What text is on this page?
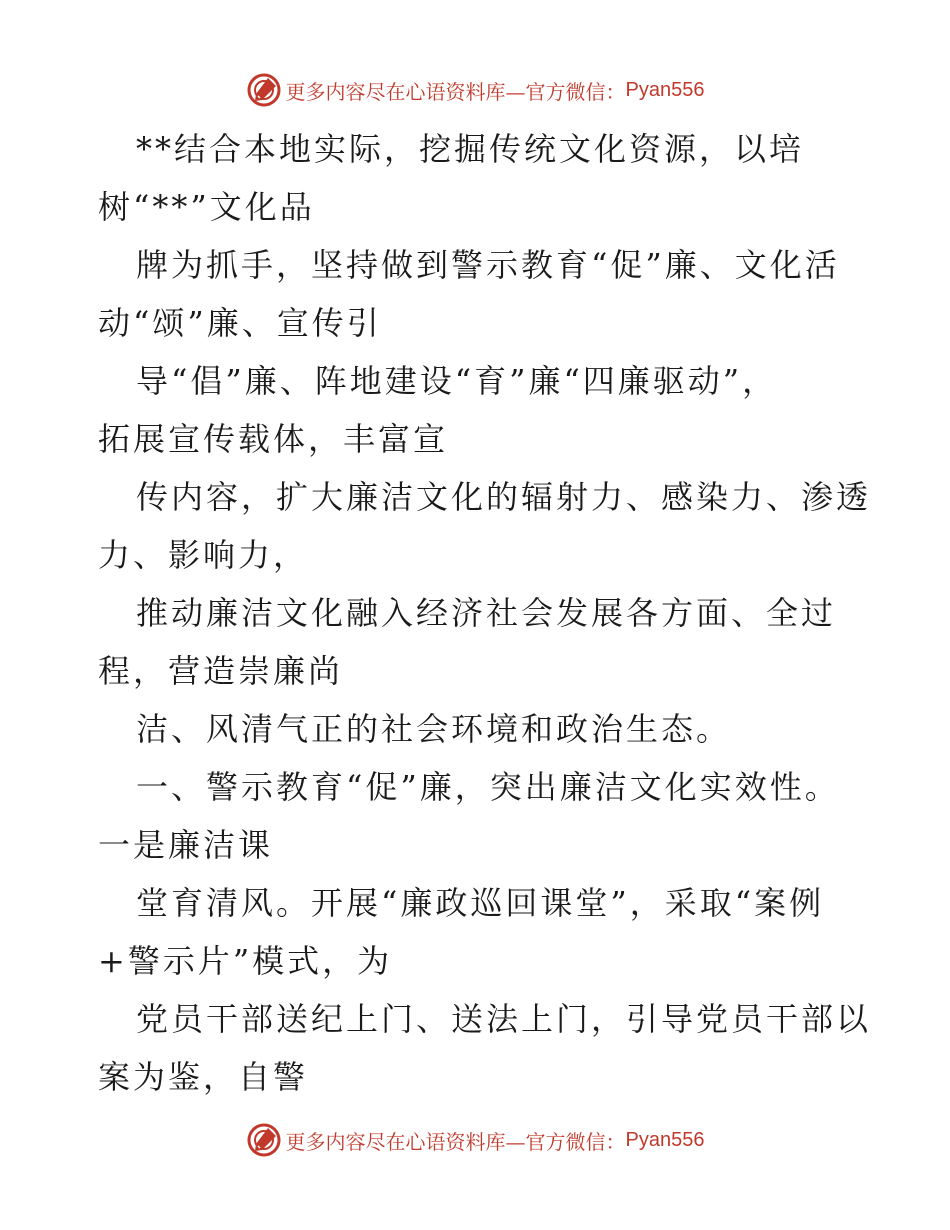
更多内容尽在心语资料库 —官方微信： Pyan556
**结合本地实际，挖掘传统文化资源，以培
树“**”文化品
牌为抓手，坚持做到警示教育“促”廉、文化活
动“颂”廉、宣传引
导“倡”廉、阵地建设“育”廉“四廉驱动”，
拓展宣传载体，丰富宣
传内容，扩大廉洁文化的辐射力、感染力、渗透
力、影响力，
推动廉洁文化融入经济社会发展各方面、全过
程，营造崇廉尚
洁、风清气正的社会环境和政治生态。
一、警示教育“促”廉，突出廉洁文化实效性。
一是廉洁课
堂育清风。开展“廉政巡回课堂”，采取“案例
+警示片”模式，为
党员干部送纪上门、送法上门，引导党员干部以
案为鉴，自警
更多内容尽在心语资料库 —官方微信： Pyan556
